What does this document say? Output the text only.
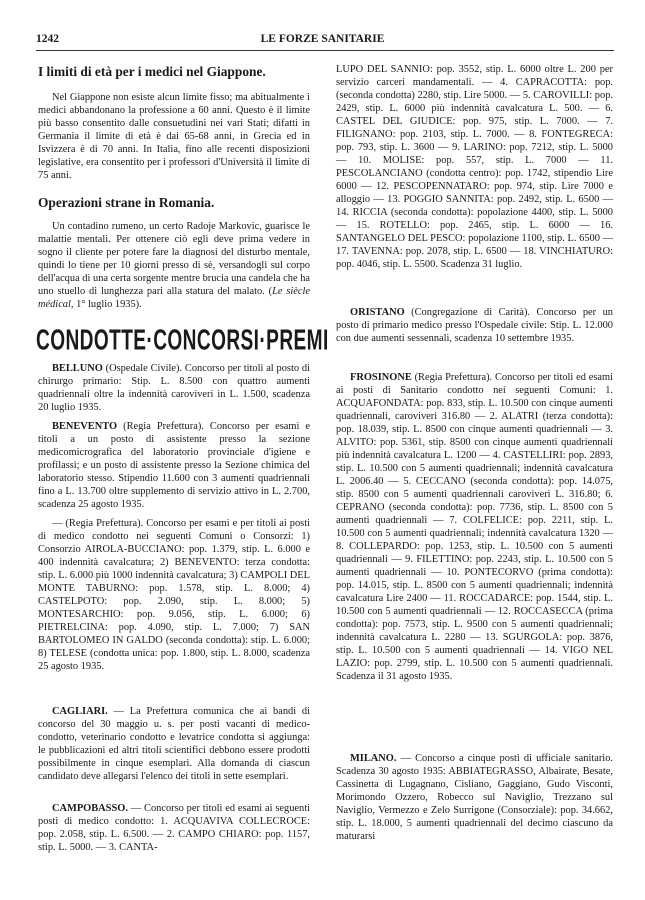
1242	LE FORZE SANITARIE
I limiti di età per i medici nel Giappone.
Nel Giappone non esiste alcun limite fisso; ma abitualmente i medici abbandonano la professione a 60 anni. Questo è il limite più basso consentito dalle consuetudini nei vari Stati; difatti in Germania il limite di età è dai 65-68 anni, in Grecia ed in Isvizzera è di 70 anni. In Italia, fino alle recenti disposizioni legislative, era consentito per i professori d'Università il limite di 75 anni.
Operazioni strane in Romania.
Un contadino rumeno, un certo Radoje Markovic, guarisce le malattie mentali. Per ottenere ciò egli deve prima vedere in sogno il cliente per potere fare la diagnosi del disturbo mentale, quindi lo tiene per 10 giorni presso di sè, versandogli sul corpo dell'acqua di una certa sorgente mentre brucia una candela che ha uno stuello di lunghezza pari alla statura del malato. (Le siècle médical, 1° luglio 1935).
CONDOTTE·CONCORSI·PREMI
BELLUNO (Ospedale Civile). Concorso per titoli al posto di chirurgo primario: Stip. L. 8.500 con quattro aumenti quadriennali oltre la indennità caroviveri in L. 1.500, scadenza 20 luglio 1935.
BENEVENTO (Regia Prefettura). Concorso per esami e titoli a un posto di assistente presso la sezione medicomicrografica del laboratorio provinciale d'igiene e profilassi; e un posto di assistente presso la Sezione chimica del laboratorio stesso. Stipendio 11.600 con 3 aumenti quadriennali fino a L. 13.700 oltre supplemento di servizio attivo in L. 2.700, scadenza 25 agosto 1935.
— (Regia Prefettura). Concorso per esami e per titoli ai posti di medico condotto nei seguenti Comuni o Consorzi: 1) Consorzio AIROLA-BUCCIANO: pop. 1.379, stip. L. 6.000 e 400 indennità cavalcatura; 2) BENEVENTO: terza condotta: stip. L. 6.000 più 1000 indennità cavalcatura; 3) CAMPOLI DEL MONTE TABURNO: pop. 1.578, stip. L. 8.000; 4) CASTELPOTO: pop. 2.090, stip. L. 8.000; 5) MONTESARCHIO: pop. 9.056, stip. L. 6.000; 6) PIETRELCINA: pop. 4.090, stip. L. 7.000; 7) SAN BARTOLOMEO IN GALDO (seconda condotta): stip. L. 6.000; 8) TELESE (condotta unica: pop. 1.800, stip. L. 8.000, scadenza 25 agosto 1935.
CAGLIARI. — La Prefettura comunica che ai bandi di concorso del 30 maggio u. s. per posti vacanti di medico-condotto, veterinario condotto e levatrice condotta si aggiunga: le pubblicazioni ed altri titoli scientifici debbono essere prodotti possibilmente in cinque esemplari. Alla domanda di ciascun candidato deve allegarsi l'elenco dei titoli in sette esemplari.
CAMPOBASSO. — Concorso per titoli ed esami ai seguenti posti di medico condotto: 1. ACQUAVIVA COLLECROCE: pop. 2.058, stip. L. 6.500. — 2. CAMPO CHIARO: pop. 1157, stip. L. 5000. — 3. CANTA-
LUPO DEL SANNIO: pop. 3552, stip. L. 6000 oltre L. 200 per servizio carceri mandamentali. — 4. CAPRACOTTA: pop. (seconda condotta) 2280, stip. Lire 5000. — 5. CAROVILLI: pop. 2429, stip. L. 6000 più indennità cavalcatura L. 500. — 6. CASTEL DEL GIUDICE: pop. 975, stip. L. 7000. — 7. FILIGNANO: pop. 2103, stip. L. 7000. — 8. FONTEGRECA: pop. 793, stip. L. 3600 — 9. LARINO: pop. 7212, stip. L. 5000 — 10. MOLISE: pop. 557, stip. L. 7000 — 11. PESCOLANCIANO (condotta centro): pop. 1742, stipendio Lire 6000 — 12. PESCOPENNATARO: pop. 974, stip. Lire 7000 e alloggio — 13. POGGIO SANNITA: pop. 2492, stip. L. 6500 — 14. RICCIA (seconda condotta): popolazione 4400, stip. L. 5000 — 15. ROTELLO: pop. 2465, stip. L. 6000 — 16. SANTANGELO DEL PESCO: popolazione 1100, stip. L. 6500 — 17. TAVENNA: pop. 2078, stip. L. 6500 — 18. VINCHIATURO: pop. 4046, stip. L. 5500. Scadenza 31 luglio.
ORISTANO (Congregazione di Carità). Concorso per un posto di primario medico presso l'Ospedale civile: Stip. L. 12.000 con due aumenti sessennali, scadenza 10 settembre 1935.
FROSINONE (Regia Prefettura). Concorso per titoli ed esami ai posti di Sanitario condotto nei seguenti Comuni: 1. ACQUAFONDATA: pop. 833, stip. L. 10.500 con cinque aumenti quadriennali, caroviveri 316.80 — 2. ALATRI (terza condotta): pop. 18.039, stip. L. 8500 con cinque aumenti quadriennali — 3. ALVITO: pop. 5361, stip. 8500 con cinque aumenti quadriennali più indennità cavalcatura L. 1200 — 4. CASTELLIRI: pop. 2893, stip. L. 10.500 con 5 aumenti quadriennali; indennità cavalcatura L. 2006.40 — 5. CECCANO (seconda condotta): pop. 14.075, stip. 8500 con 5 aumenti quadriennali caroviveri L. 316.80; 6. CEPRANO (seconda condotta): pop. 7736, stip. L. 8500 con 5 aumenti quadriennali — 7. COLFELICE: pop. 2211, stip. L. 10.500 con 5 aumenti quadriennali; indennità cavalcatura 1320 — 8. COLLEPARDO: pop. 1253, stip. L. 10.500 con 5 aumenti quadriennali — 9. FILETTINO: pop. 2243, stip. L. 10.500 con 5 aumenti quadriennali — 10. PONTECORVO (prima condotta): pop. 14.015, stip. L. 8500 con 5 aumenti quadriennali; indennità cavalcatura Lire 2400 — 11. ROCCADARCE: pop. 1544, stip. L. 10.500 con 5 aumenti quadriennali — 12. ROCCASECCA (prima condotta): pop. 7573, stip. L. 9500 con 5 aumenti quadriennali; indennità cavalcatura L. 2280 — 13. SGURGOLA: pop. 3876, stip. L. 10.500 con 5 aumenti quadriennali — 14. VIGO NEL LAZIO: pop. 2799, stip. L. 10.500 con 5 aumenti quadriennali. Scadenza il 31 agosto 1935.
MILANO. — Concorso a cinque posti di ufficiale sanitario. Scadenza 30 agosto 1935: ABBIATEGRASSO, Albairate, Besate, Cassinetta di Lugagnano, Cisliano, Gaggiano, Gudo Visconti, Morimondo Ozzero, Robecco sul Naviglio, Trezzano sul Naviglio, Vermezzo e Zelo Surrigone (Consorziale): pop. 34.662, stip. L. 18.000, 5 aumenti quadriennali del decimo ciascuno da maturarsi
